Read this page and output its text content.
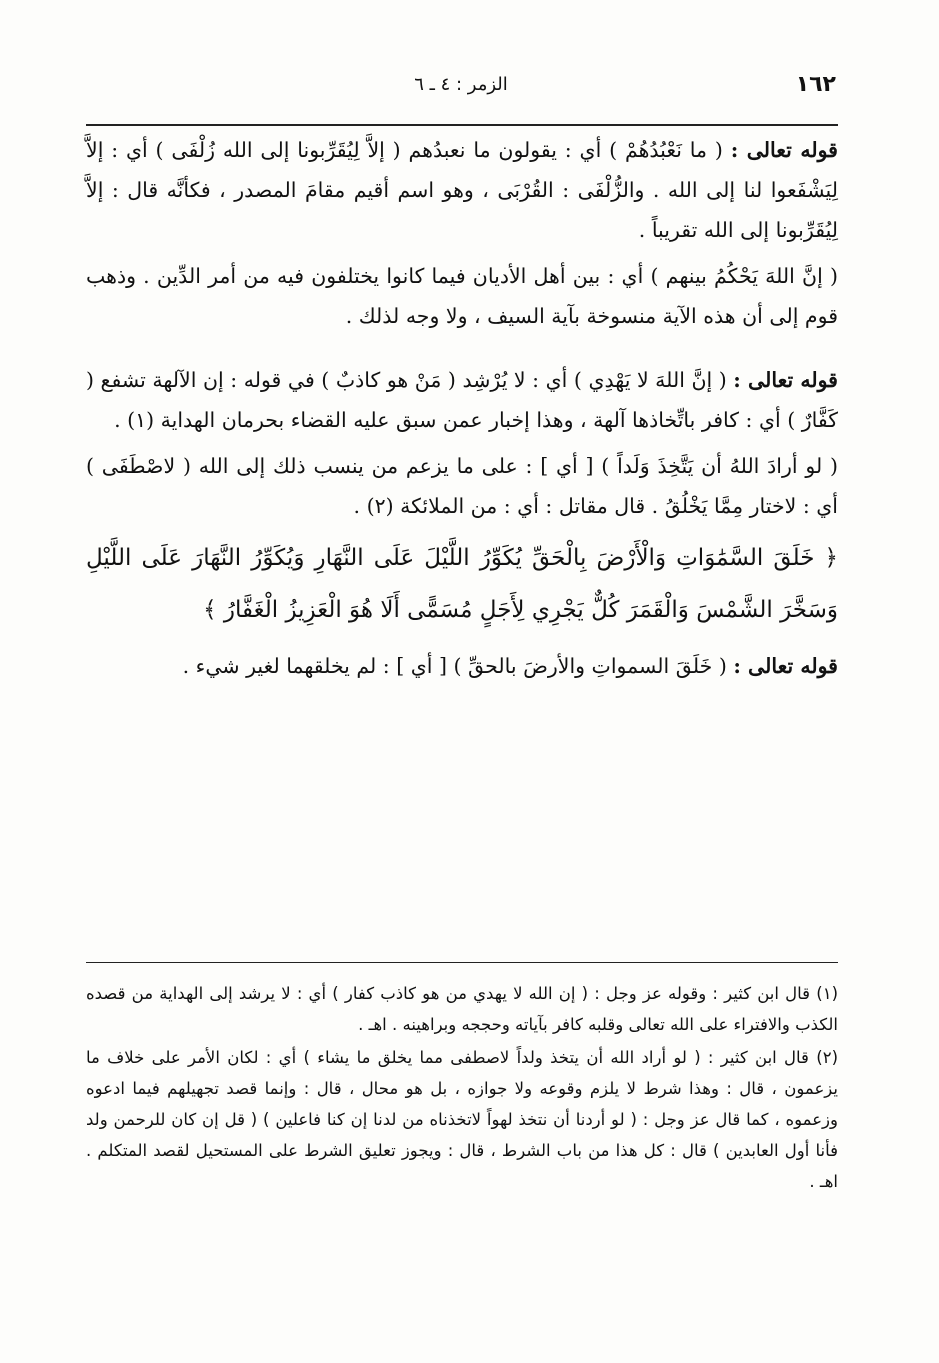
١٦٢
الزمر : ٤ ـ ٦

قوله تعالى : ( ما نَعْبُدُهُمْ ) أي : يقولون ما نعبدُهم ( إلاَّ لِيُقَرِّبونا إلى الله زُلْفَى ) أي : إلاَّ لِيَشْفَعوا لنا إلى الله . والزُّلْفَى : القُرْبَى ، وهو اسم أقيم مقامَ المصدر ، فكأنَّه قال : إلاَّ لِيُقَرِّبونا إلى الله تقريباً .

( إنَّ اللهَ يَحْكُمُ بينهم ) أي : بين أهل الأديان فيما كانوا يختلفون فيه من أمر الدِّين . وذهب قوم إلى أن هذه الآية منسوخة بآية السيف ، ولا وجه لذلك .

قوله تعالى : ( إنَّ اللهَ لا يَهْدِي ) أي : لا يُرْشِد ( مَنْ هو كاذبٌ ) في قوله : إن الآلهة تشفع ( كَفَّارٌ ) أي : كافر باتِّخاذها آلهة ، وهذا إخبار عمن سبق عليه القضاء بحرمان الهداية (١) .

( لو أرادَ اللهُ أن يَتَّخِذَ وَلَداً ) [ أي ] : على ما يزعم من ينسب ذلك إلى الله ( لاصْطَفَى ) أي : لاختار مِمَّا يَخْلُقُ . قال مقاتل : أي : من الملائكة (٢) .

﴿ خَلَقَ السَّمَٰوَاتِ وَالْأَرْضَ بِالْحَقِّ يُكَوِّرُ اللَّيْلَ عَلَى النَّهَارِ وَيُكَوِّرُ النَّهَارَ عَلَى اللَّيْلِ وَسَخَّرَ الشَّمْسَ وَالْقَمَرَ كُلٌّ يَجْرِي لِأَجَلٍ مُسَمًّى أَلَا هُوَ الْعَزِيزُ الْغَفَّارُ ﴾

قوله تعالى : ( خَلَقَ السمواتِ والأرضَ بالحقِّ ) [ أي ] : لم يخلقهما لغير شيء .

(١) قال ابن كثير : وقوله عز وجل : ( إن الله لا يهدي من هو كاذب كفار ) أي : لا يرشد إلى الهداية من قصده الكذب والافتراء على الله تعالى وقلبه كافر بآياته وحججه وبراهينه . اهـ .

(٢) قال ابن كثير : ( لو أراد الله أن يتخذ ولداً لاصطفى مما يخلق ما يشاء ) أي : لكان الأمر على خلاف ما يزعمون ، قال : وهذا شرط لا يلزم وقوعه ولا جوازه ، بل هو محال ، قال : وإنما قصد تجهيلهم فيما ادعوه وزعموه ، كما قال عز وجل : ( لو أردنا أن نتخذ لهواً لاتخذناه من لدنا إن كنا فاعلين ) ( قل إن كان للرحمن ولد فأنا أول العابدين ) قال : كل هذا من باب الشرط ، قال : ويجوز تعليق الشرط على المستحيل لقصد المتكلم . اهـ .
